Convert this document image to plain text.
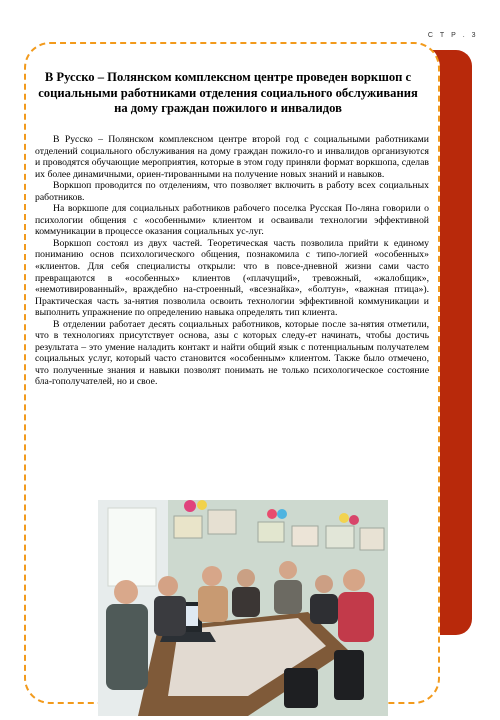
С Т Р . 3
В Русско – Полянском комплексном центре проведен воркшоп с социальными работниками отделения социального обслуживания на дому граждан пожилого и инвалидов

В Русско – Полянском комплексном центре второй год с социальными работниками отделений социального обслуживания на дому граждан пожило-го и инвалидов организуются и проводятся обучающие мероприятия, которые в этом году приняли формат воркшопа, сделав их более динамичными, ориен-тированными на получение новых знаний и навыков.

Воркшоп проводится по отделениям, что позволяет включить в работу всех социальных работников.

На воркшопе для социальных работников рабочего поселка Русская По-ляна говорили о психологии общения с «особенными» клиентом и осваивали технологии эффективной коммуникации в процессе оказания социальных ус-луг.

Воркшоп состоял из двух частей. Теоретическая часть позволила прийти к единому пониманию основ психологического общения, познакомила с типо-логией «особенных» «клиентов. Для себя специалисты открыли: что в повсе-дневной жизни сами часто превращаются в «особенных» клиентов («плачущий», тревожный, «жалобщик», «немотивированный», враждебно на-строенный, «всезнайка», «болтун», «важная птица»). Практическая часть за-нятия позволила освоить технологии эффективной коммуникации и выполнить упражнение по определению навыка определять тип клиента.

В отделении работает десять социальных работников, которые после за-нятия отметили, что в технологиях присутствует основа, азы с которых следу-ет начинать, чтобы достичь результата – это умение наладить контакт и найти общий язык с потенциальным получателем социальных услуг, который часто становится «особенным» клиентом. Также было отмечено, что полученные знания и навыки позволят понимать не только психологическое состояние бла-гополучателей, но и свое.
